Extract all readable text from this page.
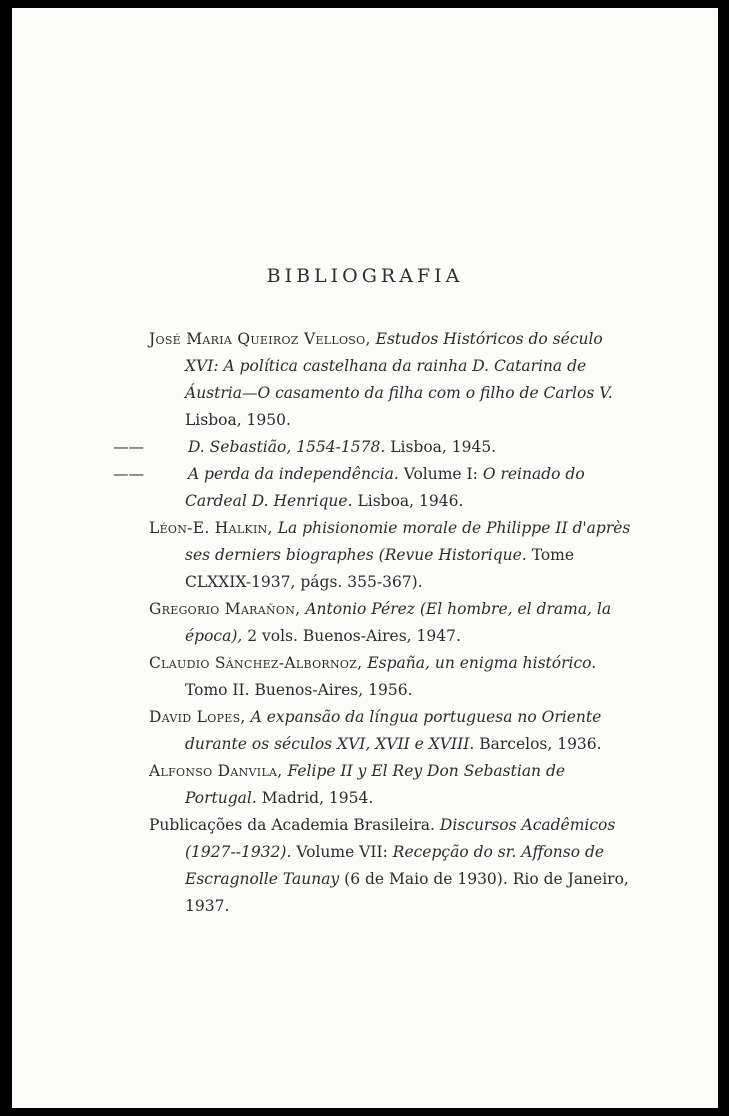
BIBLIOGRAFIA

José Maria Queiroz Velloso, Estudos Históricos do século XVI: A política castelhana da rainha D. Catarina de Áustria—O casamento da filha com o filho de Carlos V. Lisboa, 1950.

——	D. Sebastião, 1554-1578. Lisboa, 1945.

——	A perda da independência. Volume I: O reinado do Cardeal D. Henrique. Lisboa, 1946.

Léon-E. Halkin, La phisionomie morale de Philippe II d'après ses derniers biographes (Revue Historique. Tome CLXXIX-1937, págs. 355-367).

Gregorio Marañon, Antonio Pérez (El hombre, el drama, la época), 2 vols. Buenos-Aires, 1947.

Claudio Sánchez-Albornoz, España, un enigma histórico. Tomo II. Buenos-Aires, 1956.

David Lopes, A expansão da língua portuguesa no Oriente durante os séculos XVI, XVII e XVIII. Barcelos, 1936.

Alfonso Danvila, Felipe II y El Rey Don Sebastian de Portugal. Madrid, 1954.

Publicações da Academia Brasileira. Discursos Acadêmicos (1927--1932). Volume VII: Recepção do sr. Affonso de Escragnolle Taunay (6 de Maio de 1930). Rio de Janeiro, 1937.
